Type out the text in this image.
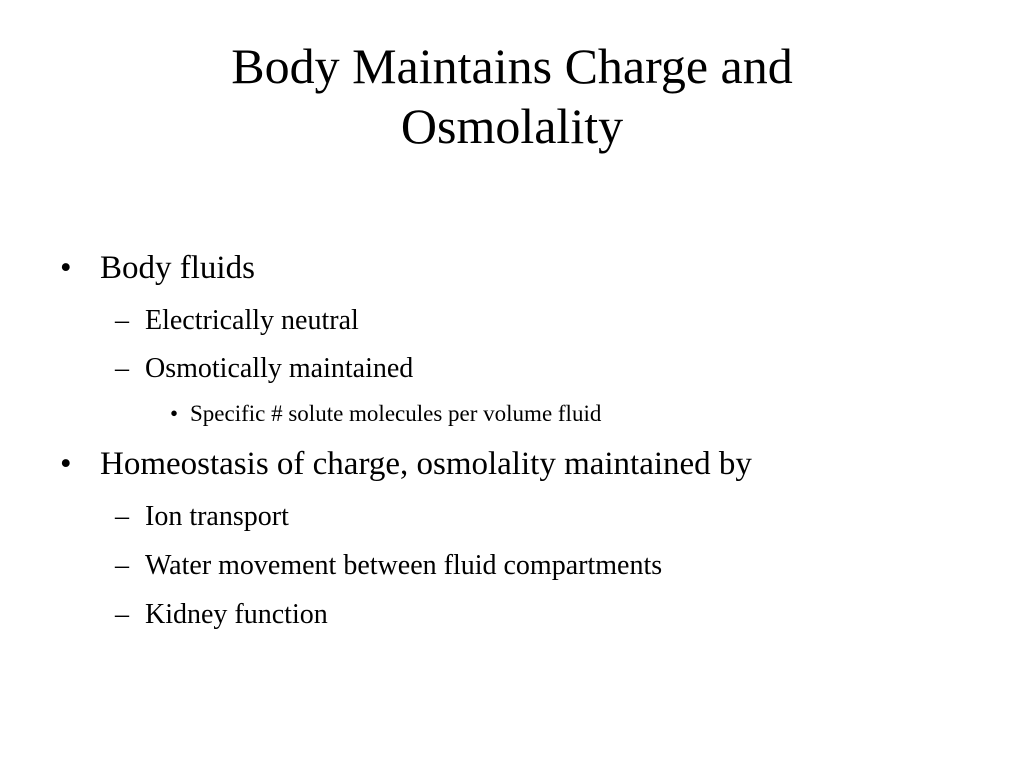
Body Maintains Charge and
Osmolality
• Body fluids
– Electrically neutral
– Osmotically maintained
• Specific # solute molecules per volume fluid
• Homeostasis of charge, osmolality maintained by
– Ion transport
– Water movement between fluid compartments
– Kidney function
